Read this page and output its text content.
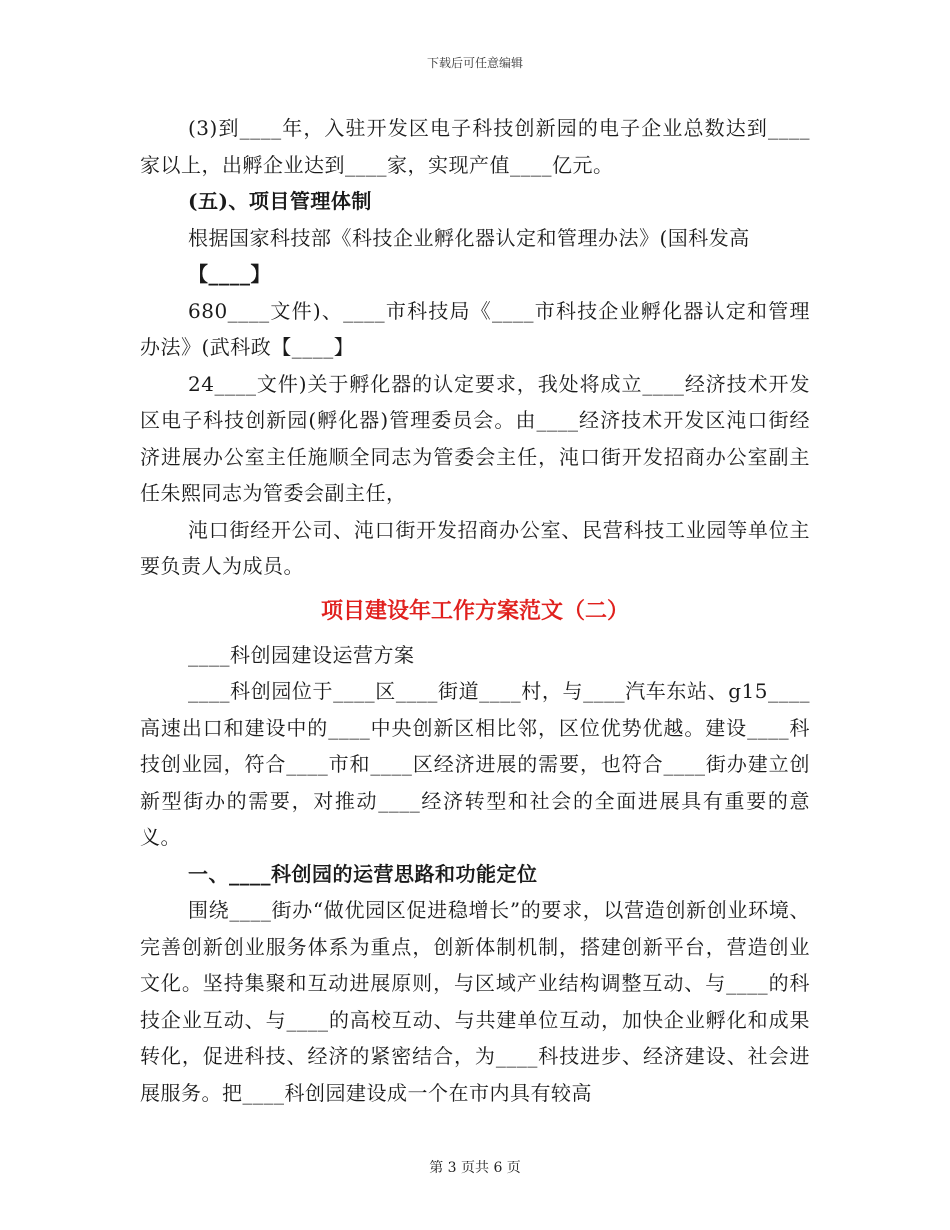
下载后可任意编辑

(3)到____年，入驻开发区电子科技创新园的电子企业总数达到____家以上，出孵企业达到____家，实现产值____亿元。

(五)、项目管理体制

根据国家科技部《科技企业孵化器认定和管理办法》(国科发高

【____】

680____文件)、____市科技局《____市科技企业孵化器认定和管理办法》(武科政【____】

24____文件)关于孵化器的认定要求，我处将成立____经济技术开发区电子科技创新园(孵化器)管理委员会。由____经济技术开发区沌口街经济进展办公室主任施顺全同志为管委会主任，沌口街开发招商办公室副主任朱熙同志为管委会副主任，

沌口街经开公司、沌口街开发招商办公室、民营科技工业园等单位主要负责人为成员。

项目建设年工作方案范文（二）

____科创园建设运营方案

____科创园位于____区____街道____村，与____汽车东站、g15____高速出口和建设中的____中央创新区相比邻，区位优势优越。建设____科技创业园，符合____市和____区经济进展的需要，也符合____街办建立创新型街办的需要，对推动____经济转型和社会的全面进展具有重要的意义。

一、____科创园的运营思路和功能定位

围绕____街办“做优园区促进稳增长”的要求，以营造创新创业环境、完善创新创业服务体系为重点，创新体制机制，搭建创新平台，营造创业文化。坚持集聚和互动进展原则，与区域产业结构调整互动、与____的科技企业互动、与____的高校互动、与共建单位互动，加快企业孵化和成果转化，促进科技、经济的紧密结合，为____科技进步、经济建设、社会进展服务。把____科创园建设成一个在市内具有较高

第 3 页共 6 页
